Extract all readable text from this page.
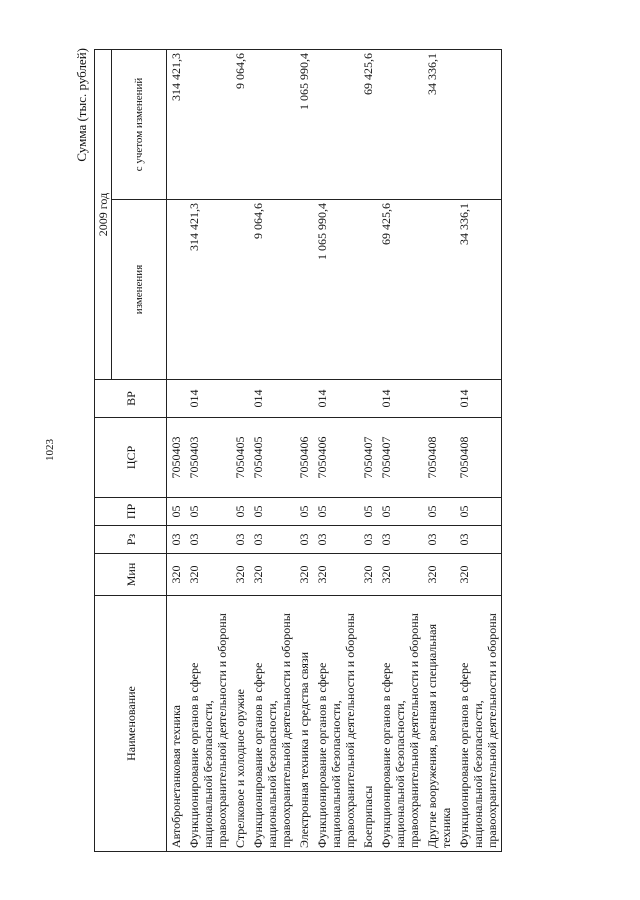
1023
Сумма (тыс. рублей)
Наименование	Мин	Рз	ПР	ЦСР	ВР	2009 год	
						изменения	с учетом изменений

Автобронетанковая техника	320	03	05	7050403			314 421,3
Функционирование органов в сфере национальной безопасности, правоохранительной деятельности и обороны	320	03	05	7050403	014	314 421,3	
Стрелковое и холодное оружие	320	03	05	7050405			9 064,6
Функционирование органов в сфере национальной безопасности, правоохранительной деятельности и обороны	320	03	05	7050405	014	9 064,6	
Электронная техника и средства связи	320	03	05	7050406			1 065 990,4
Функционирование органов в сфере национальной безопасности, правоохранительной деятельности и обороны	320	03	05	7050406	014	1 065 990,4	
Боеприпасы	320	03	05	7050407			69 425,6
Функционирование органов в сфере национальной безопасности, правоохранительной деятельности и обороны	320	03	05	7050407	014	69 425,6	
Другие вооружения, военная и специальная техника	320	03	05	7050408			34 336,1
Функционирование органов в сфере национальной безопасности, правоохранительной деятельности и обороны	320	03	05	7050408	014	34 336,1	
